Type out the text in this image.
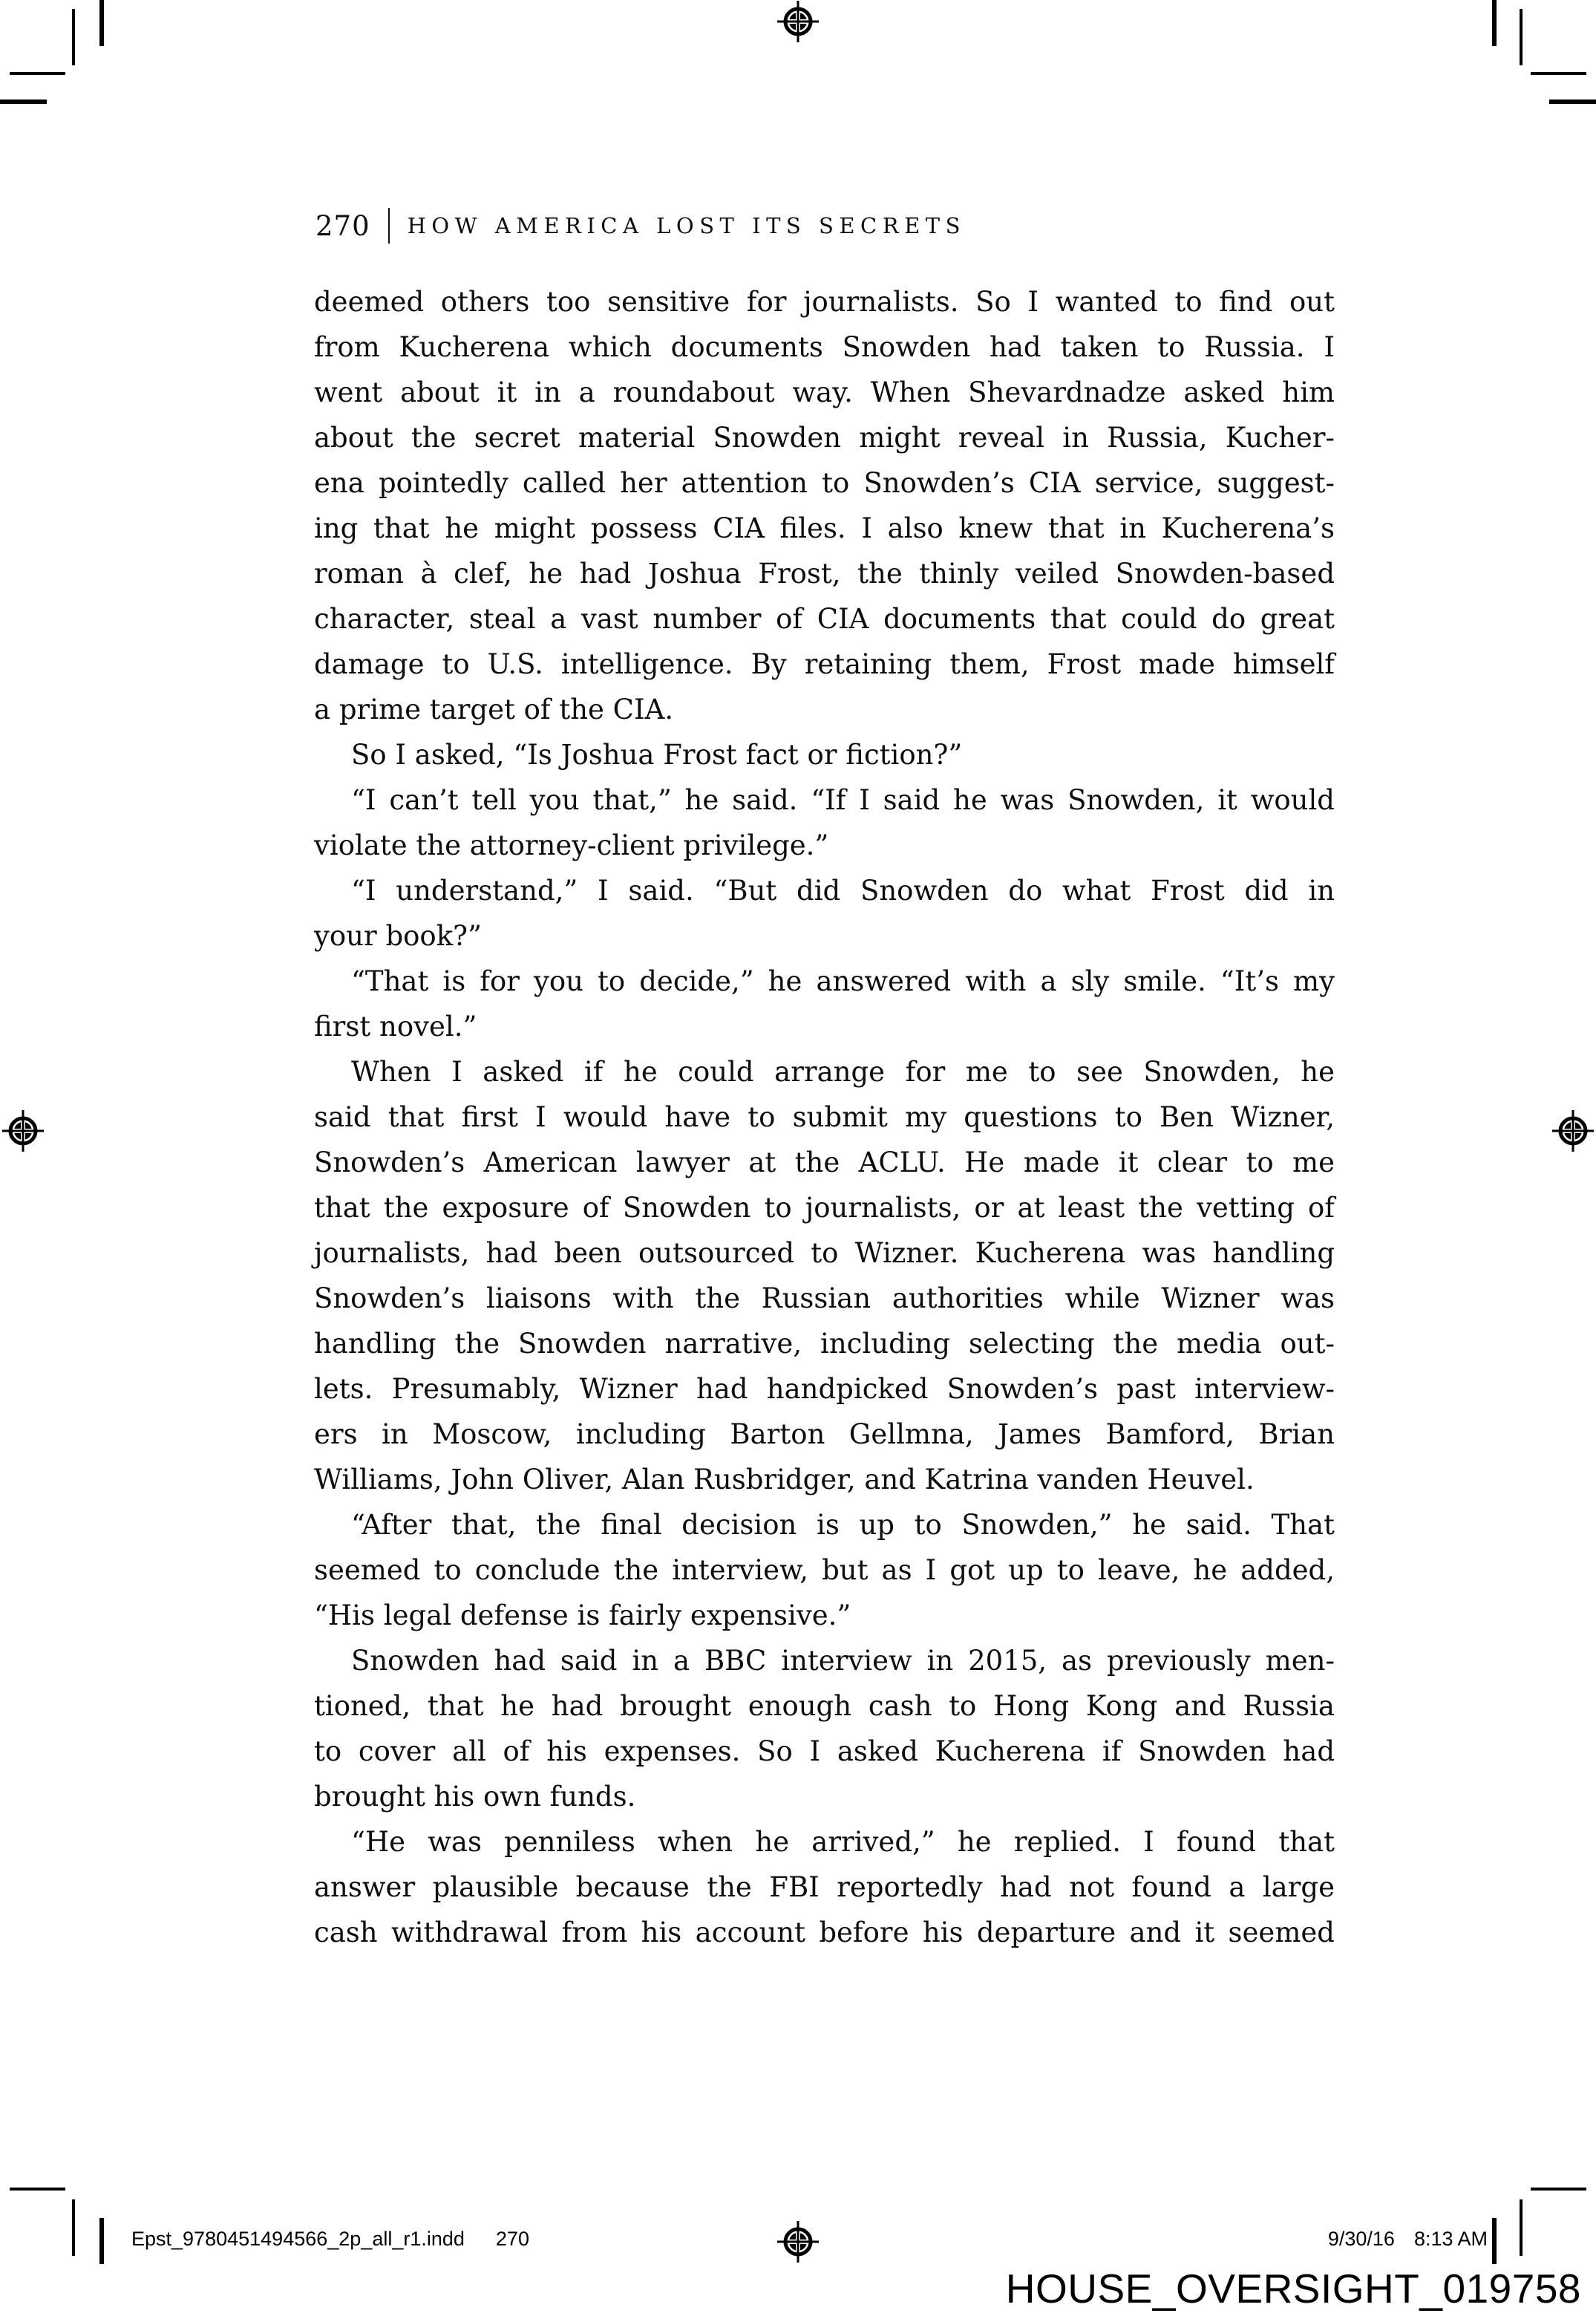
270 HOW AMERICA LOST ITS SECRETS
deemed others too sensitive for journalists. So I wanted to find out
from Kucherena which documents Snowden had taken to Russia. I
went about it in a roundabout way. When Shevardnadze asked him
about the secret material Snowden might reveal in Russia, Kucher-
ena pointedly called her attention to Snowden’s CIA service, suggest-
ing that he might possess CIA files. I also knew that in Kucherena’s
roman à clef, he had Joshua Frost, the thinly veiled Snowden-based
character, steal a vast number of CIA documents that could do great
damage to U.S. intelligence. By retaining them, Frost made himself
a prime target of the CIA.
So I asked, “Is Joshua Frost fact or fiction?”
“I can’t tell you that,” he said. “If I said he was Snowden, it would
violate the attorney-client privilege.”
“I understand,” I said. “But did Snowden do what Frost did in
your book?”
“That is for you to decide,” he answered with a sly smile. “It’s my
first novel.”
When I asked if he could arrange for me to see Snowden, he
said that first I would have to submit my questions to Ben Wizner,
Snowden’s American lawyer at the ACLU. He made it clear to me
that the exposure of Snowden to journalists, or at least the vetting of
journalists, had been outsourced to Wizner. Kucherena was handling
Snowden’s liaisons with the Russian authorities while Wizner was
handling the Snowden narrative, including selecting the media out-
lets. Presumably, Wizner had handpicked Snowden’s past interview-
ers in Moscow, including Barton Gellmna, James Bamford, Brian
Williams, John Oliver, Alan Rusbridger, and Katrina vanden Heuvel.
“After that, the final decision is up to Snowden,” he said. That
seemed to conclude the interview, but as I got up to leave, he added,
“His legal defense is fairly expensive.”
Snowden had said in a BBC interview in 2015, as previously men-
tioned, that he had brought enough cash to Hong Kong and Russia
to cover all of his expenses. So I asked Kucherena if Snowden had
brought his own funds.
“He was penniless when he arrived,” he replied. I found that
answer plausible because the FBI reportedly had not found a large
cash withdrawal from his account before his departure and it seemed
Epst_9780451494566_2p_all_r1.indd 270	9/30/16 8:13 AM
HOUSE_OVERSIGHT_019758
